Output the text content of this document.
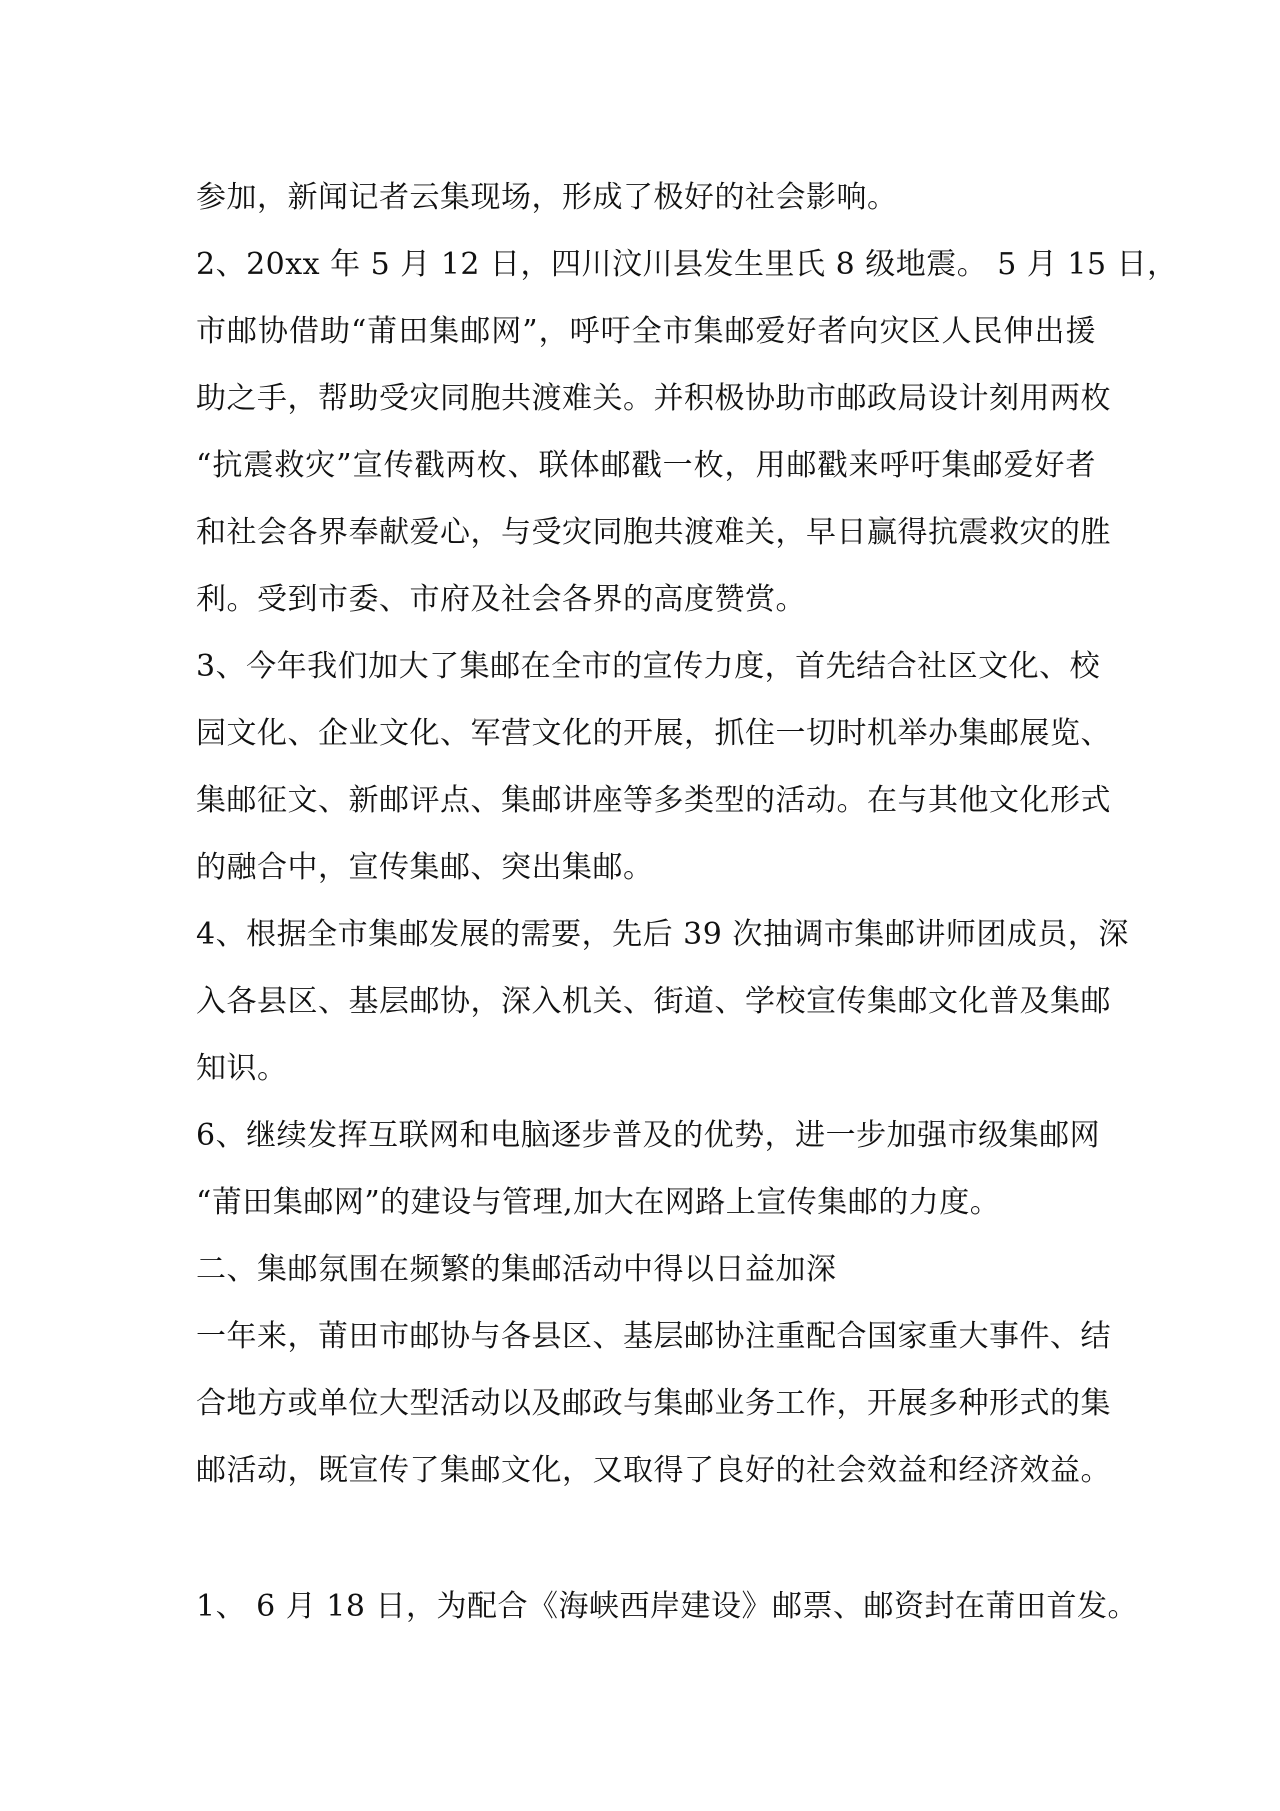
参加，新闻记者云集现场，形成了极好的社会影响。
2、20xx 年 5 月 12 日，四川汶川县发生里氏 8 级地震。 5 月 15 日，
市邮协借助“莆田集邮网”，呼吁全市集邮爱好者向灾区人民伸出援
助之手，帮助受灾同胞共渡难关。并积极协助市邮政局设计刻用两枚
“抗震救灾”宣传戳两枚、联体邮戳一枚，用邮戳来呼吁集邮爱好者
和社会各界奉献爱心，与受灾同胞共渡难关，早日赢得抗震救灾的胜
利。受到市委、市府及社会各界的高度赞赏。
3、今年我们加大了集邮在全市的宣传力度，首先结合社区文化、校
园文化、企业文化、军营文化的开展，抓住一切时机举办集邮展览、
集邮征文、新邮评点、集邮讲座等多类型的活动。在与其他文化形式
的融合中，宣传集邮、突出集邮。
4、根据全市集邮发展的需要，先后 39 次抽调市集邮讲师团成员，深
入各县区、基层邮协，深入机关、街道、学校宣传集邮文化普及集邮
知识。
6、继续发挥互联网和电脑逐步普及的优势，进一步加强市级集邮网
“莆田集邮网”的建设与管理,加大在网路上宣传集邮的力度。
二、集邮氛围在频繁的集邮活动中得以日益加深
一年来，莆田市邮协与各县区、基层邮协注重配合国家重大事件、结
合地方或单位大型活动以及邮政与集邮业务工作，开展多种形式的集
邮活动，既宣传了集邮文化，又取得了良好的社会效益和经济效益。
1、 6 月 18 日，为配合《海峡西岸建设》邮票、邮资封在莆田首发。
